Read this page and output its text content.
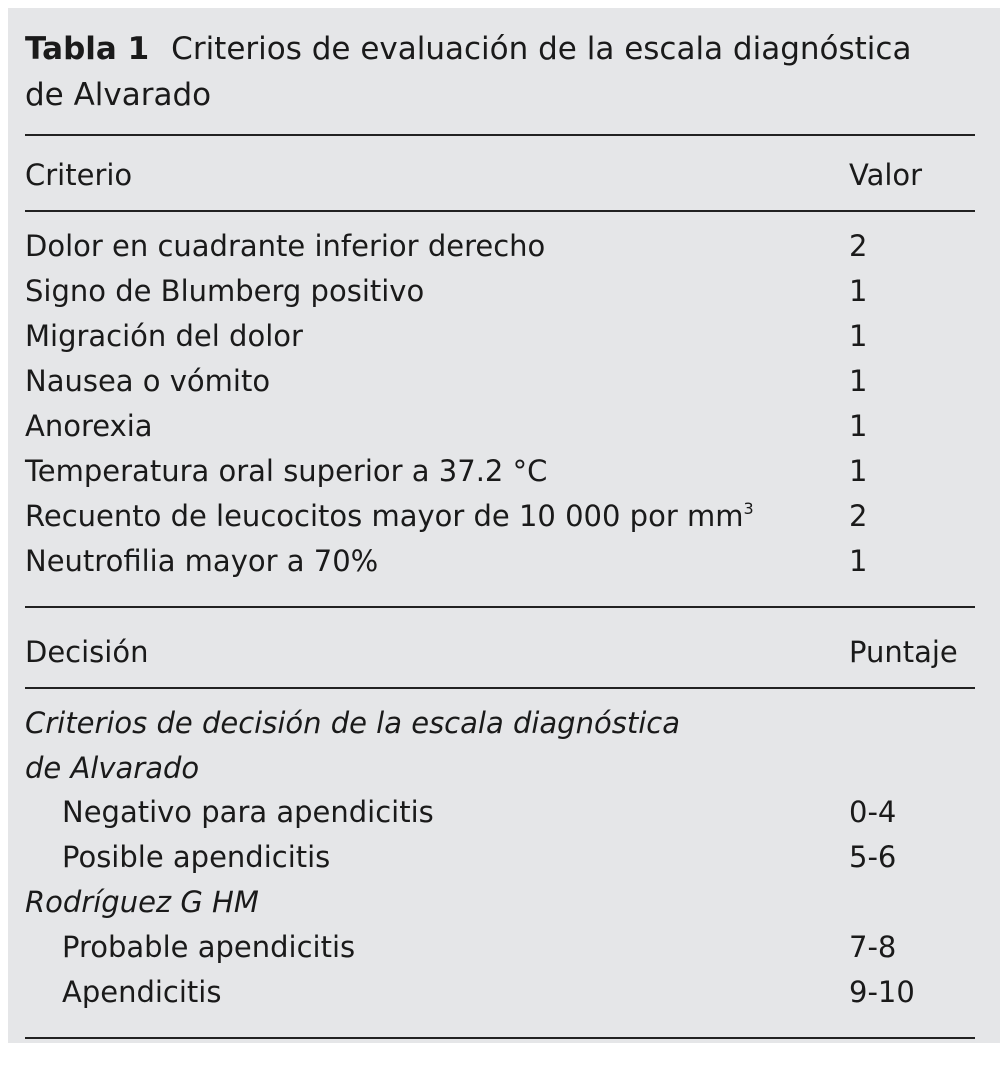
Tabla 1 Criterios de evaluación de la escala diagnóstica
de Alvarado
Criterio	Valor
Dolor en cuadrante inferior derecho	2
Signo de Blumberg positivo	1
Migración del dolor	1
Nausea o vómito	1
Anorexia	1
Temperatura oral superior a 37.2 °C	1
Recuento de leucocitos mayor de 10 000 por $mm^3$	2
Neutrofilia mayor a 70%	1
Decisión	Puntaje
Criterios de decisión de la escala diagnóstica
de Alvarado
Negativo para apendicitis	0-4
Posible apendicitis	5-6
Rodríguez G HM
Probable apendicitis	7-8
Apendicitis	9-10
